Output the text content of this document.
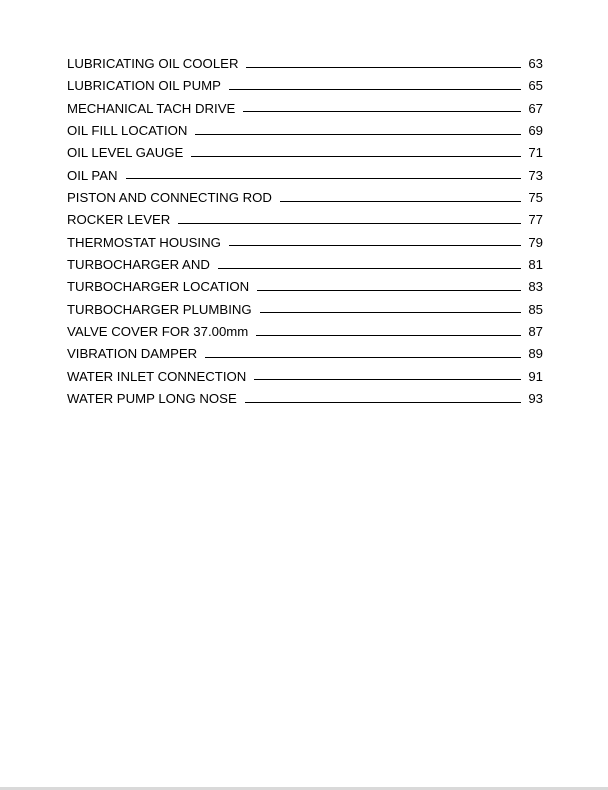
LUBRICATING OIL COOLER	63
LUBRICATION OIL PUMP	65
MECHANICAL TACH DRIVE	67
OIL FILL LOCATION	69
OIL LEVEL GAUGE	71
OIL PAN	73
PISTON AND CONNECTING ROD	75
ROCKER LEVER	77
THERMOSTAT HOUSING	79
TURBOCHARGER AND	81
TURBOCHARGER LOCATION	83
TURBOCHARGER PLUMBING	85
VALVE COVER FOR 37.00mm	87
VIBRATION DAMPER	89
WATER INLET CONNECTION	91
WATER PUMP LONG NOSE	93
